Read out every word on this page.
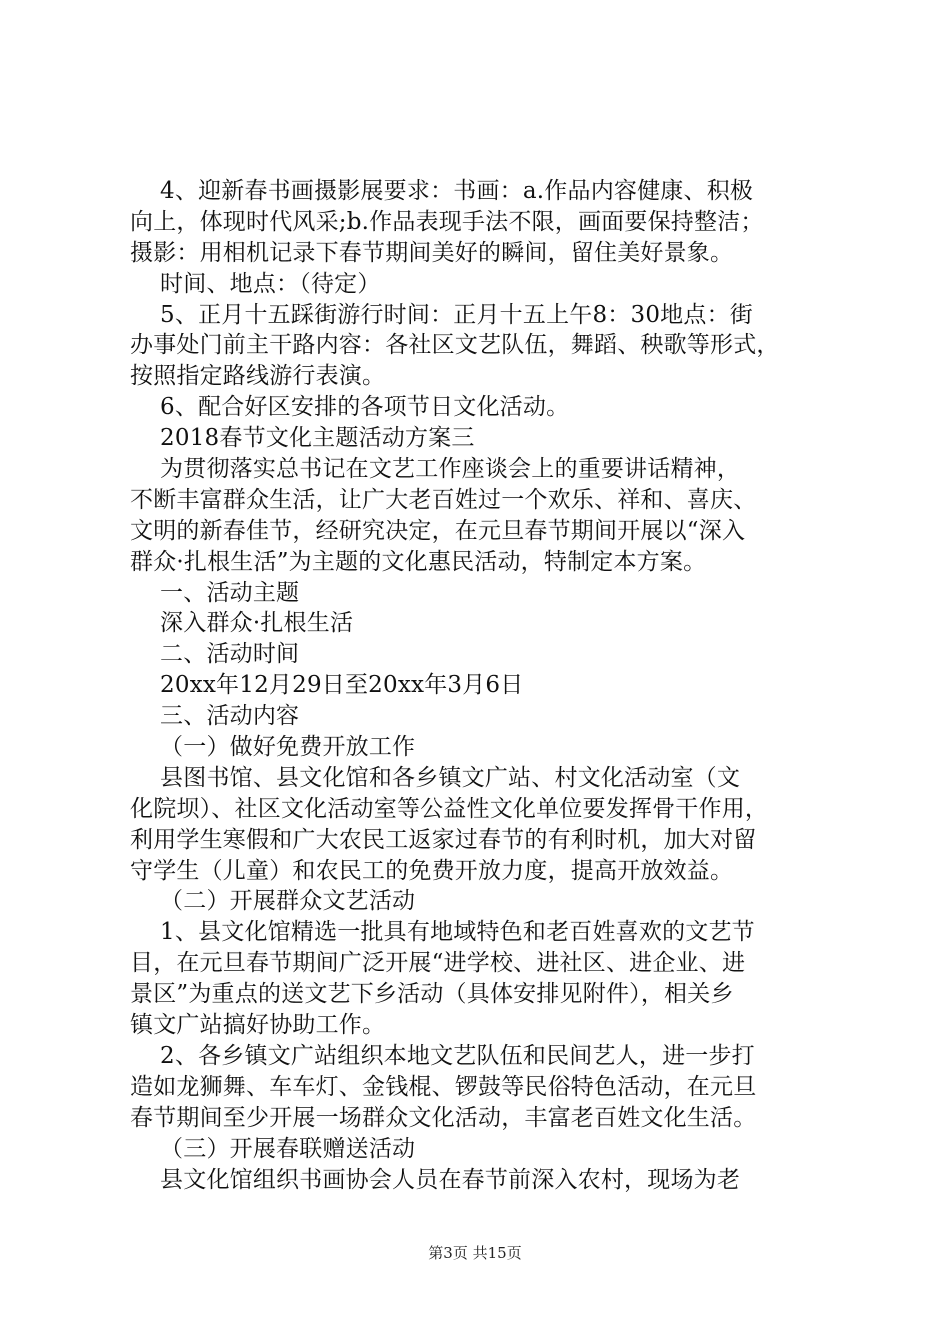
4、迎新春书画摄影展要求：书画：a.作品内容健康、积极
向上，体现时代风采;b.作品表现手法不限，画面要保持整洁；
摄影：用相机记录下春节期间美好的瞬间，留住美好景象。
时间、地点：（待定）
5、正月十五踩街游行时间：正月十五上午8：30地点：街
办事处门前主干路内容：各社区文艺队伍，舞蹈、秧歌等形式，
按照指定路线游行表演。
6、配合好区安排的各项节日文化活动。
2018春节文化主题活动方案三
为贯彻落实总书记在文艺工作座谈会上的重要讲话精神，
不断丰富群众生活，让广大老百姓过一个欢乐、祥和、喜庆、
文明的新春佳节，经研究决定，在元旦春节期间开展以“深入
群众·扎根生活”为主题的文化惠民活动，特制定本方案。
一、活动主题
深入群众·扎根生活
二、活动时间
20xx年12月29日至20xx年3月6日
三、活动内容
（一）做好免费开放工作
县图书馆、县文化馆和各乡镇文广站、村文化活动室（文
化院坝）、社区文化活动室等公益性文化单位要发挥骨干作用，
利用学生寒假和广大农民工返家过春节的有利时机，加大对留
守学生（儿童）和农民工的免费开放力度，提高开放效益。
（二）开展群众文艺活动
1、县文化馆精选一批具有地域特色和老百姓喜欢的文艺节
目，在元旦春节期间广泛开展“进学校、进社区、进企业、进
景区”为重点的送文艺下乡活动（具体安排见附件），相关乡
镇文广站搞好协助工作。
2、各乡镇文广站组织本地文艺队伍和民间艺人，进一步打
造如龙狮舞、车车灯、金钱棍、锣鼓等民俗特色活动，在元旦
春节期间至少开展一场群众文化活动，丰富老百姓文化生活。
（三）开展春联赠送活动
县文化馆组织书画协会人员在春节前深入农村，现场为老
第3页 共15页
